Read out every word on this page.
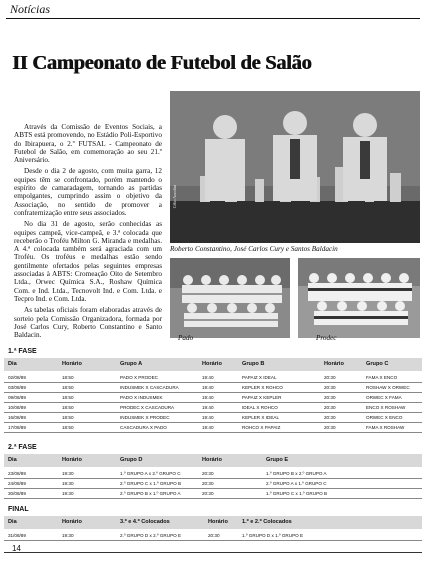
Notícias
II Campeonato de Futebol de Salão

Através da Comissão de Eventos Sociais, a ABTS está promovendo, no Estádio Poli-Esportivo do Ibirapuera, o 2.º FUTSAL - Campeonato de Futebol de Salão, em comemoração ao seu 21.º Aniversário.

Desde o dia 2 de agosto, com muita garra, 12 equipes têm se confrontado, porém mantendo o espírito de camaradagem, tornando as partidas empolgantes, cumprindo assim o objetivo da Associação, no sentido de promover a confraternização entre seus associados.

No dia 31 de agosto, serão conhecidas as equipes campeã, vice-campeã, e 3.ª colocada que receberão o Troféu Milton G. Miranda e medalhas. A 4.ª colocada também será agraciada com um Troféu. Os troféus e medalhas estão sendo gentilmente ofertados pelas seguintes empresas associadas à ABTS: Cromeação Oito de Setembro Ltda., Orwec Química S.A., Roshaw Química Com. e Ind. Ltda., Tecnovolt Ind. e Com. Ltda. e Tecpro Ind. e Com. Ltda.

As tabelas oficiais foram elaboradas através de sorteio pela Comissão Organizadora, formada por José Carlos Cury, Roberto Constantino e Santo Baldacin.

Célio Azzolini
Roberto Constantino, José Carlos Cury e Santos Baldacin
Pado	Prodec
1.ª FASE
Dia	Horário	Grupo A	Horário	Grupo B	Horário	Grupo C
02/08/89	18:50	PADO X PRODEC	19:40	PAPAIZ X IDEAL	20:30	FAMA X ENCO
03/08/89	18:50	INDUSMEK X CASCADURA	19:40	KEPLER X ROHCO	20:30	ROSHAW X ORWEC
09/08/89	18:50	PADO X INDUSMEK	19:40	PAPAIZ X KEPLER	20:30	ORWEC X FAMA
10/08/89	18:50	PRODEC X CASCADURA	19:40	IDEAL X ROHCO	20:30	ENCO X ROSHAW
16/08/89	18:50	INDUSMEK X PRODEC	19:40	KEPLER X IDEAL	20:30	ORWEC X ENCO
17/08/89	18:50	CASCADURA X PADO	19:40	ROHCO X PAPAIZ	20:30	FAMA X ROSHAW
2.ª FASE
Dia	Horário	Grupo D	Horário	Grupo E
23/08/89	19:30	1.º GRUPO A x 2.º GRUPO C	20:30	1.º GRUPO B x 2.º GRUPO A
24/08/89	19:30	2.º GRUPO C x 1.º GRUPO B	20:30	2.º GRUPO A x 1.º GRUPO C
30/08/89	19:30	2.º GRUPO B x 1.º GRUPO A	20:30	1.º GRUPO C x 1.º GRUPO B
FINAL
Dia	Horário	3.º e 4.º Colocados	Horário	1.º e 2.º Colocados
31/08/89	19:30	2.º GRUPO D x 2.º GRUPO E	20:30	1.º GRUPO D x 1.º GRUPO E
14
